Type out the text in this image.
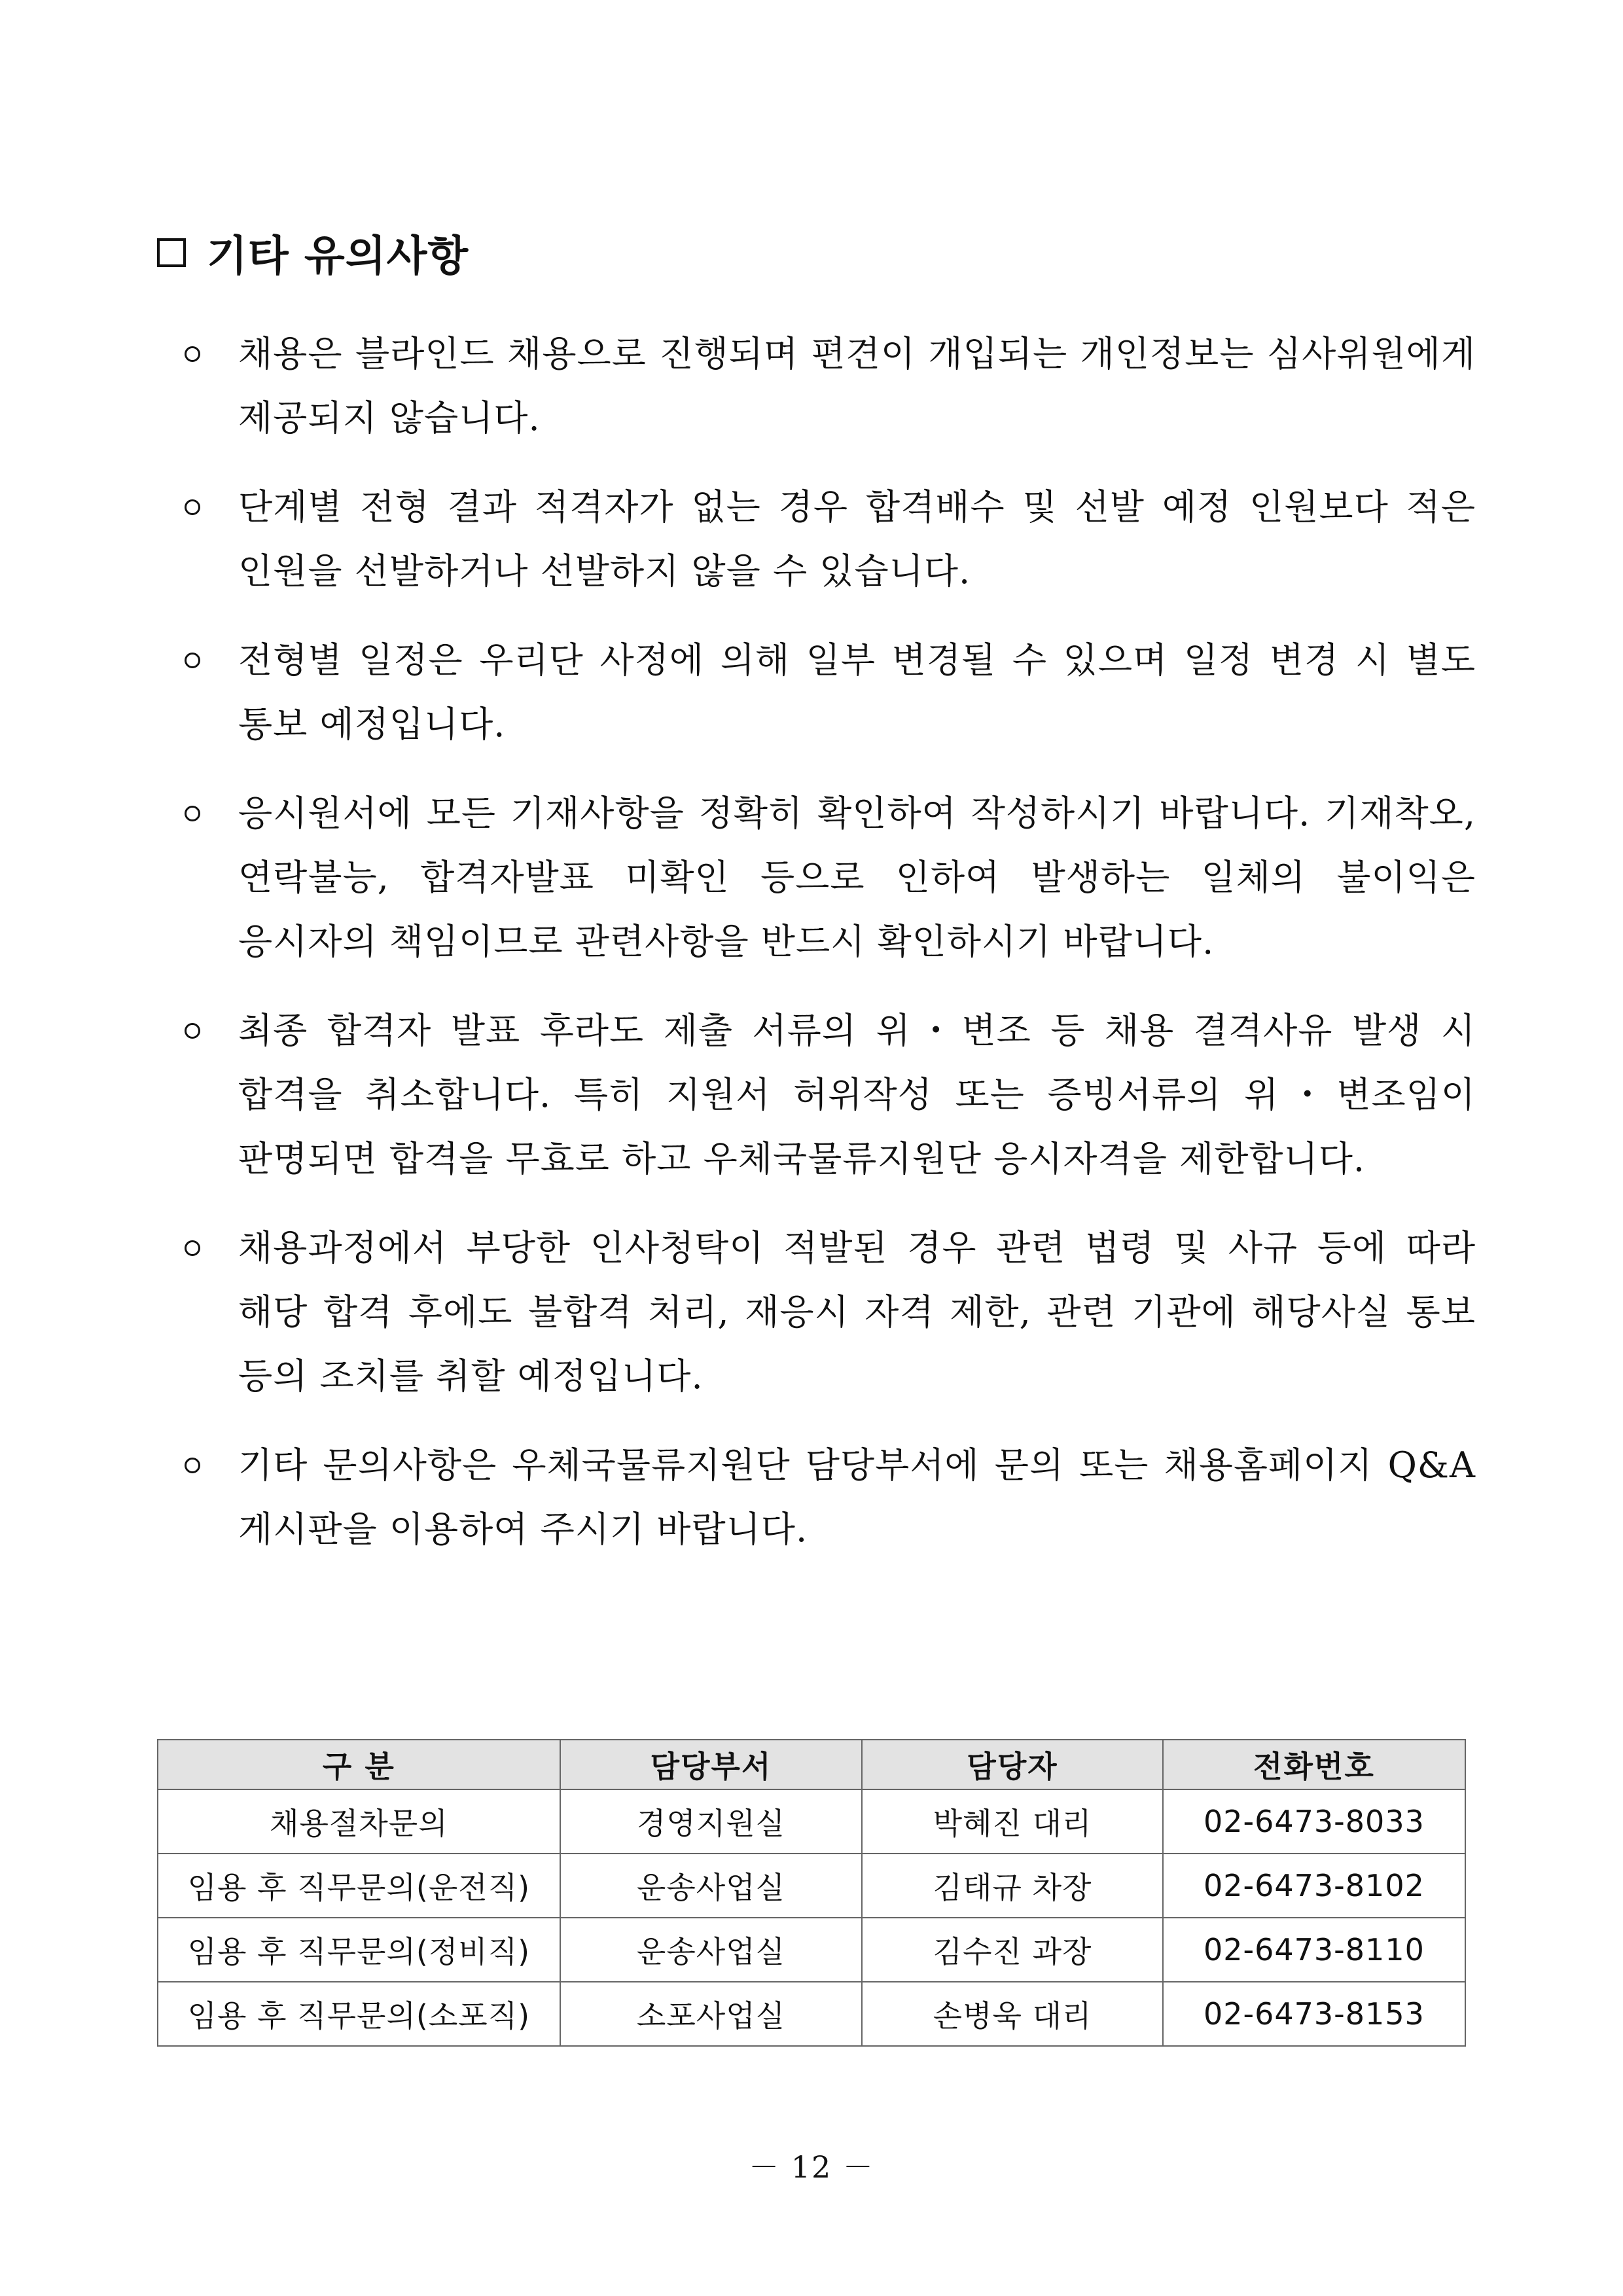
기타 유의사항
채용은 블라인드 채용으로 진행되며 편견이 개입되는 개인정보는 심사위원에게 제공되지 않습니다.
단계별 전형 결과 적격자가 없는 경우 합격배수 및 선발 예정 인원보다 적은 인원을 선발하거나 선발하지 않을 수 있습니다.
전형별 일정은 우리단 사정에 의해 일부 변경될 수 있으며 일정 변경 시 별도 통보 예정입니다.
응시원서에 모든 기재사항을 정확히 확인하여 작성하시기 바랍니다. 기재착오, 연락불능, 합격자발표 미확인 등으로 인하여 발생하는 일체의 불이익은 응시자의 책임이므로 관련사항을 반드시 확인하시기 바랍니다.
최종 합격자 발표 후라도 제출 서류의 위・변조 등 채용 결격사유 발생 시 합격을 취소합니다. 특히 지원서 허위작성 또는 증빙서류의 위・변조임이 판명되면 합격을 무효로 하고 우체국물류지원단 응시자격을 제한합니다.
채용과정에서 부당한 인사청탁이 적발된 경우 관련 법령 및 사규 등에 따라 해당 합격 후에도 불합격 처리, 재응시 자격 제한, 관련 기관에 해당사실 통보 등의 조치를 취할 예정입니다.
기타 문의사항은 우체국물류지원단 담당부서에 문의 또는 채용홈페이지 Q&A 게시판을 이용하여 주시기 바랍니다.
구 분	담당부서	담당자	전화번호
채용절차문의	경영지원실	박혜진 대리	02-6473-8033
임용 후 직무문의(운전직)	운송사업실	김태규 차장	02-6473-8102
임용 후 직무문의(정비직)	운송사업실	김수진 과장	02-6473-8110
임용 후 직무문의(소포직)	소포사업실	손병욱 대리	02-6473-8153
－ 12 －
